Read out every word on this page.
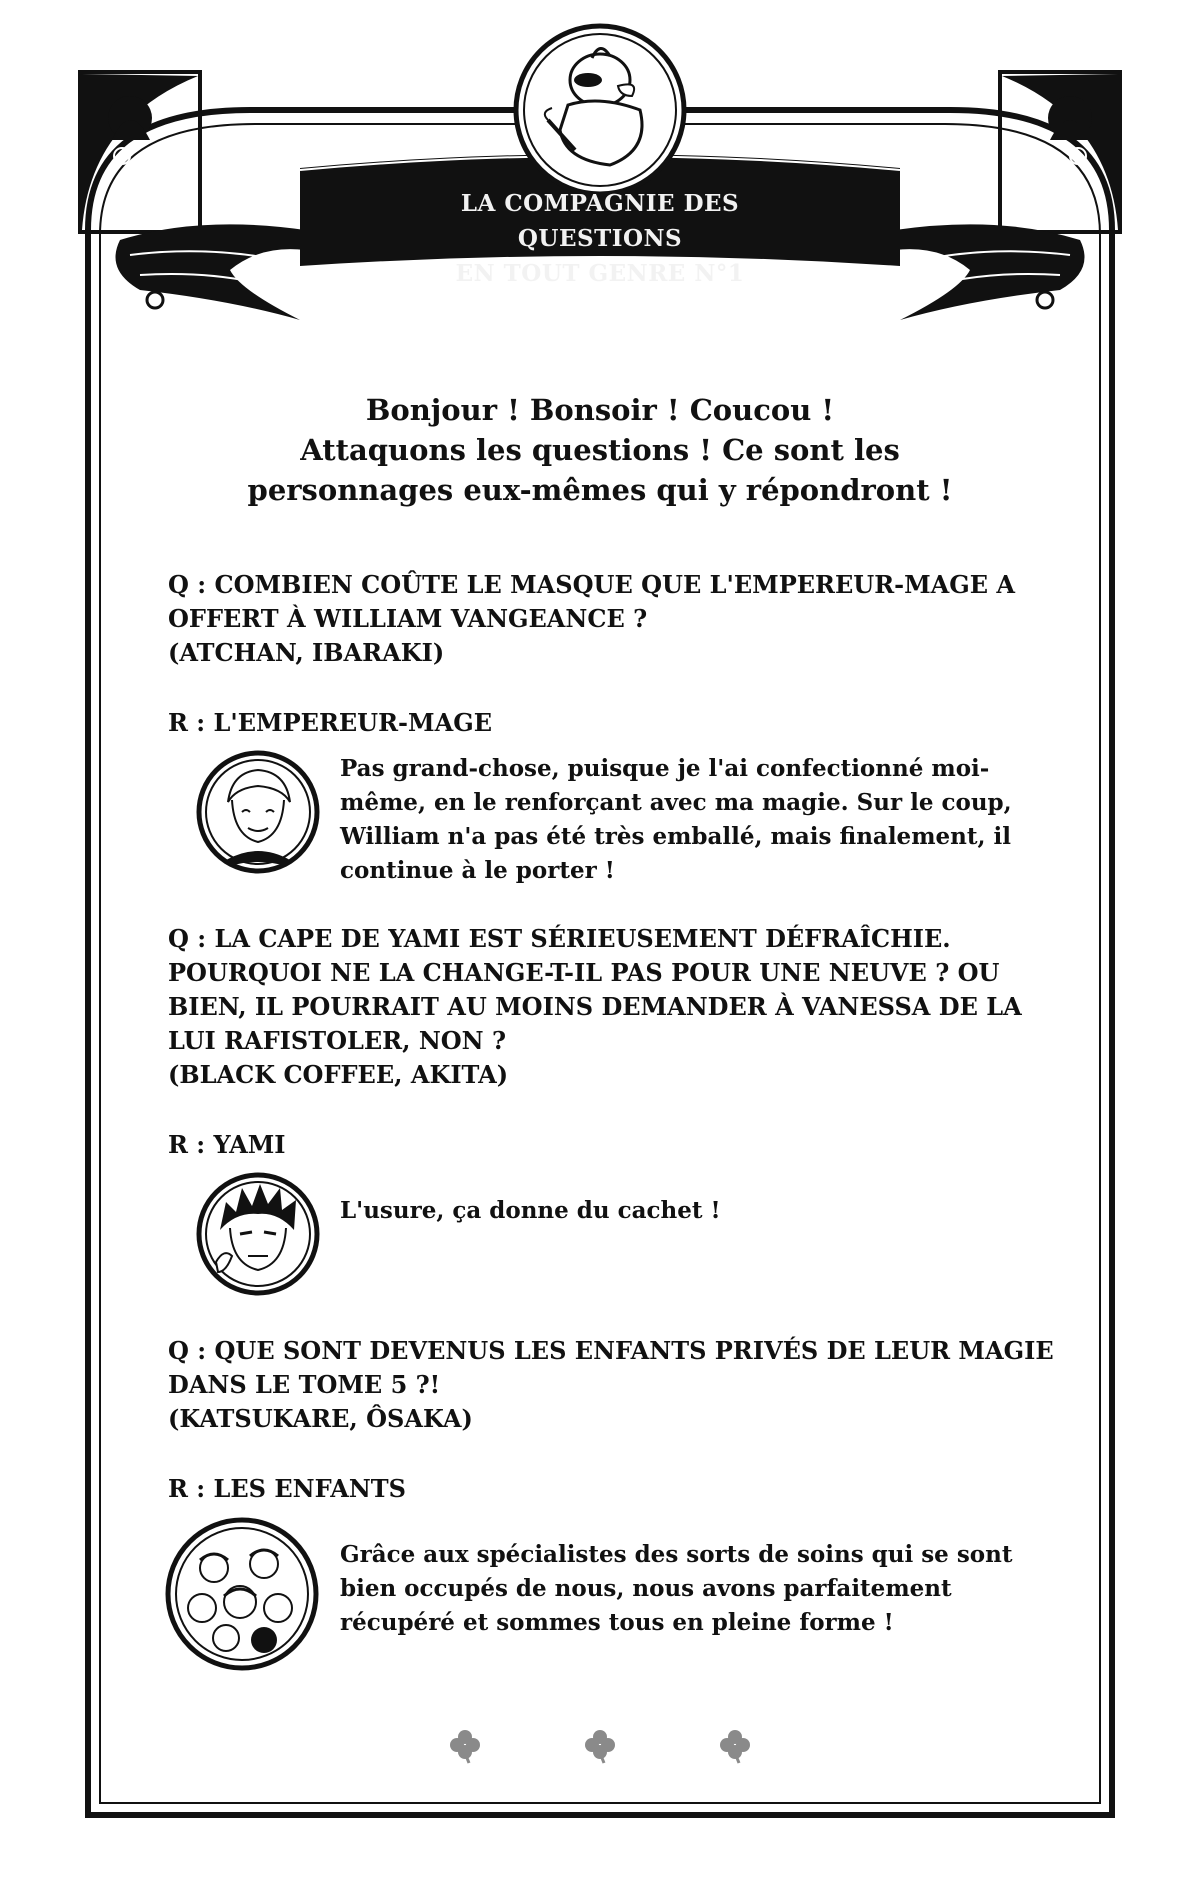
LA COMPAGNIE DES QUESTIONS
EN TOUT GENRE N°1
Bonjour ! Bonsoir ! Coucou !
Attaquons les questions ! Ce sont les
personnages eux-mêmes qui y répondront !
Q : COMBIEN COÛTE LE MASQUE QUE L'EMPEREUR-MAGE A
OFFERT À WILLIAM VANGEANCE ?
(ATCHAN, IBARAKI)
R : L'EMPEREUR-MAGE
Pas grand-chose, puisque je l'ai confectionné moi-
même, en le renforçant avec ma magie. Sur le coup,
William n'a pas été très emballé, mais finalement, il
continue à le porter !
Q : LA CAPE DE YAMI EST SÉRIEUSEMENT DÉFRAÎCHIE.
POURQUOI NE LA CHANGE-T-IL PAS POUR UNE NEUVE ? OU
BIEN, IL POURRAIT AU MOINS DEMANDER À VANESSA DE LA
LUI RAFISTOLER, NON ?
(BLACK COFFEE, AKITA)
R : YAMI
L'usure, ça donne du cachet !
Q : QUE SONT DEVENUS LES ENFANTS PRIVÉS DE LEUR MAGIE
DANS LE TOME 5 ?!
(KATSUKARE, ÔSAKA)
R : LES ENFANTS
Grâce aux spécialistes des sorts de soins qui se sont
bien occupés de nous, nous avons parfaitement
récupéré et sommes tous en pleine forme !
